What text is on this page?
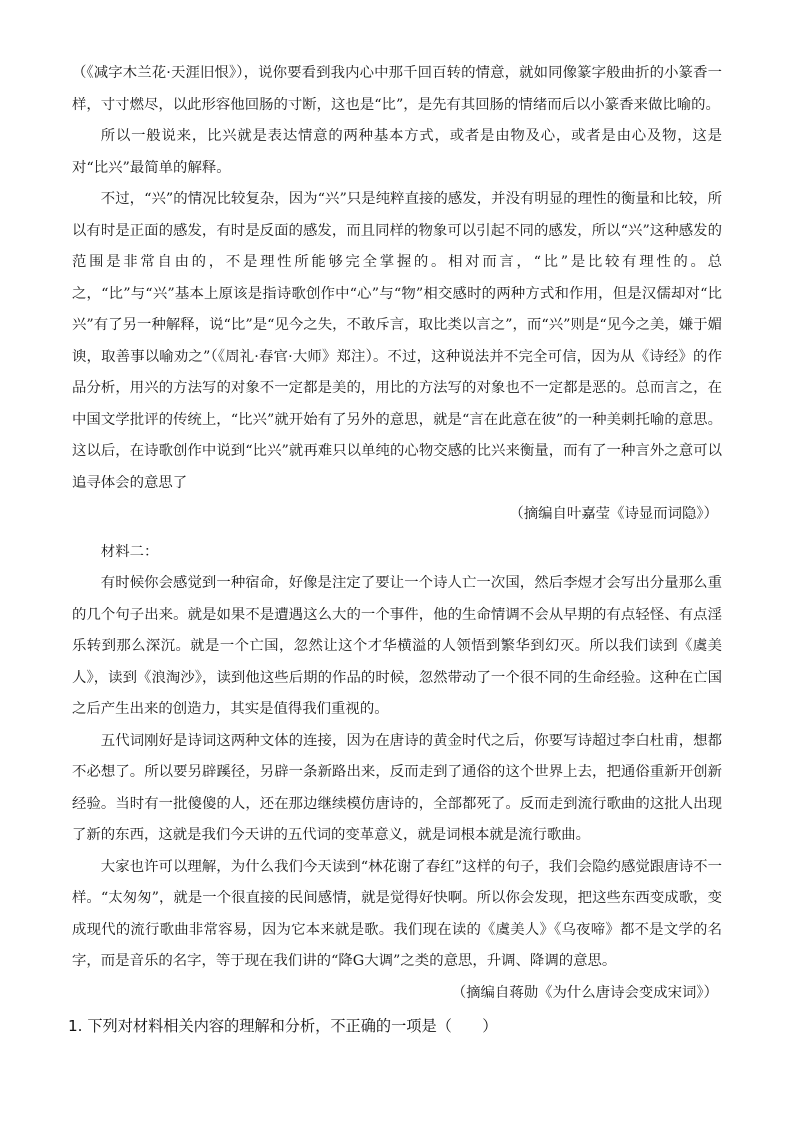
（《减字木兰花·天涯旧恨》），说你要看到我内心中那千回百转的情意，就如同像篆字般曲折的小篆香一样，寸寸燃尽，以此形容他回肠的寸断，这也是“比”，是先有其回肠的情绪而后以小篆香来做比喻的。

所以一般说来，比兴就是表达情意的两种基本方式，或者是由物及心，或者是由心及物，这是对“比兴”最简单的解释。

不过，“兴”的情况比较复杂，因为“兴”只是纯粹直接的感发，并没有明显的理性的衡量和比较，所以有时是正面的感发，有时是反面的感发，而且同样的物象可以引起不同的感发，所以“兴”这种感发的范围是非常自由的，不是理性所能够完全掌握的。相对而言，“比”是比较有理性的。总之，“比”与“兴”基本上原该是指诗歌创作中“心”与“物”相交感时的两种方式和作用，但是汉儒却对“比兴”有了另一种解释，说“比”是“见今之失，不敢斥言，取比类以言之”，而“兴”则是“见今之美，嫌于媚谀，取善事以喻劝之”（《周礼·春官·大师》郑注）。不过，这种说法并不完全可信，因为从《诗经》的作品分析，用兴的方法写的对象不一定都是美的，用比的方法写的对象也不一定都是恶的。总而言之，在中国文学批评的传统上，“比兴”就开始有了另外的意思，就是“言在此意在彼”的一种美刺托喻的意思。这以后，在诗歌创作中说到“比兴”就再难只以单纯的心物交感的比兴来衡量，而有了一种言外之意可以追寻体会的意思了

（摘编自叶嘉莹《诗显而词隐》）

材料二：

有时候你会感觉到一种宿命，好像是注定了要让一个诗人亡一次国，然后李煜才会写出分量那么重的几个句子出来。就是如果不是遭遇这么大的一个事件，他的生命情调不会从早期的有点轻怪、有点淫乐转到那么深沉。就是一个亡国，忽然让这个才华横溢的人领悟到繁华到幻灭。所以我们读到《虞美人》，读到《浪淘沙》，读到他这些后期的作品的时候，忽然带动了一个很不同的生命经验。这种在亡国之后产生出来的创造力，其实是值得我们重视的。

五代词刚好是诗词这两种文体的连接，因为在唐诗的黄金时代之后，你要写诗超过李白杜甫，想都不必想了。所以要另辟蹊径，另辟一条新路出来，反而走到了通俗的这个世界上去，把通俗重新开创新经验。当时有一批傻傻的人，还在那边继续模仿唐诗的，全部都死了。反而走到流行歌曲的这批人出现了新的东西，这就是我们今天讲的五代词的变革意义，就是词根本就是流行歌曲。

大家也许可以理解，为什么我们今天读到“林花谢了春红”这样的句子，我们会隐约感觉跟唐诗不一样。“太匆匆”，就是一个很直接的民间感情，就是觉得好快啊。所以你会发现，把这些东西变成歌，变成现代的流行歌曲非常容易，因为它本来就是歌。我们现在读的《虞美人》《乌夜啼》都不是文学的名字，而是音乐的名字，等于现在我们讲的“降G大调”之类的意思，升调、降调的意思。

（摘编自蒋勋《为什么唐诗会变成宋词》）

1. 下列对材料相关内容的理解和分析，不正确的一项是（　　）
